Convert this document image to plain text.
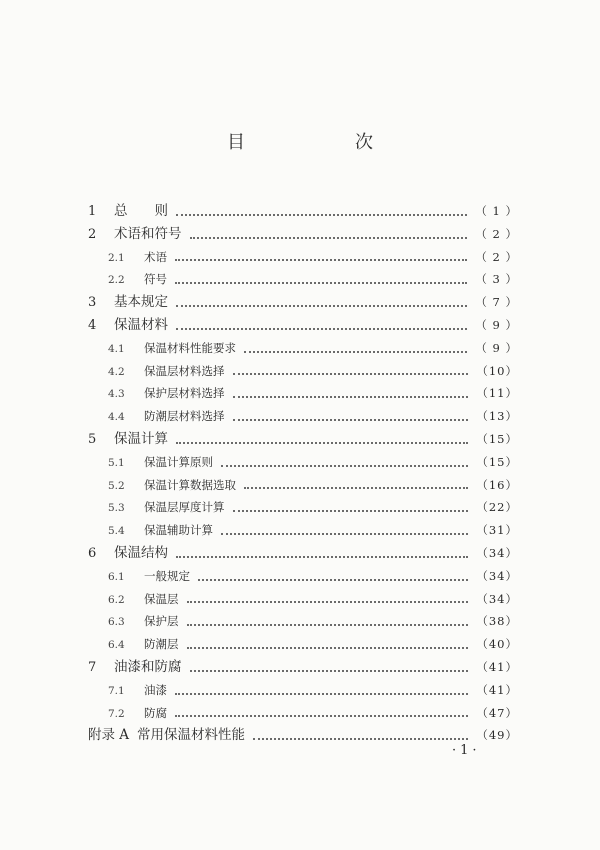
目　次
1	总　　则	（ 1 ）
2	术语和符号	（ 2 ）
2.1	术语	（ 2 ）
2.2	符号	（ 3 ）
3	基本规定	（ 7 ）
4	保温材料	（ 9 ）
4.1	保温材料性能要求	（ 9 ）
4.2	保温层材料选择	（10）
4.3	保护层材料选择	（11）
4.4	防潮层材料选择	（13）
5	保温计算	（15）
5.1	保温计算原则	（15）
5.2	保温计算数据选取	（16）
5.3	保温层厚度计算	（22）
5.4	保温辅助计算	（31）
6	保温结构	（34）
6.1	一般规定	（34）
6.2	保温层	（34）
6.3	保护层	（38）
6.4	防潮层	（40）
7	油漆和防腐	（41）
7.1	油漆	（41）
7.2	防腐	（47）
附录 A 常用保温材料性能	（49）
·1·
